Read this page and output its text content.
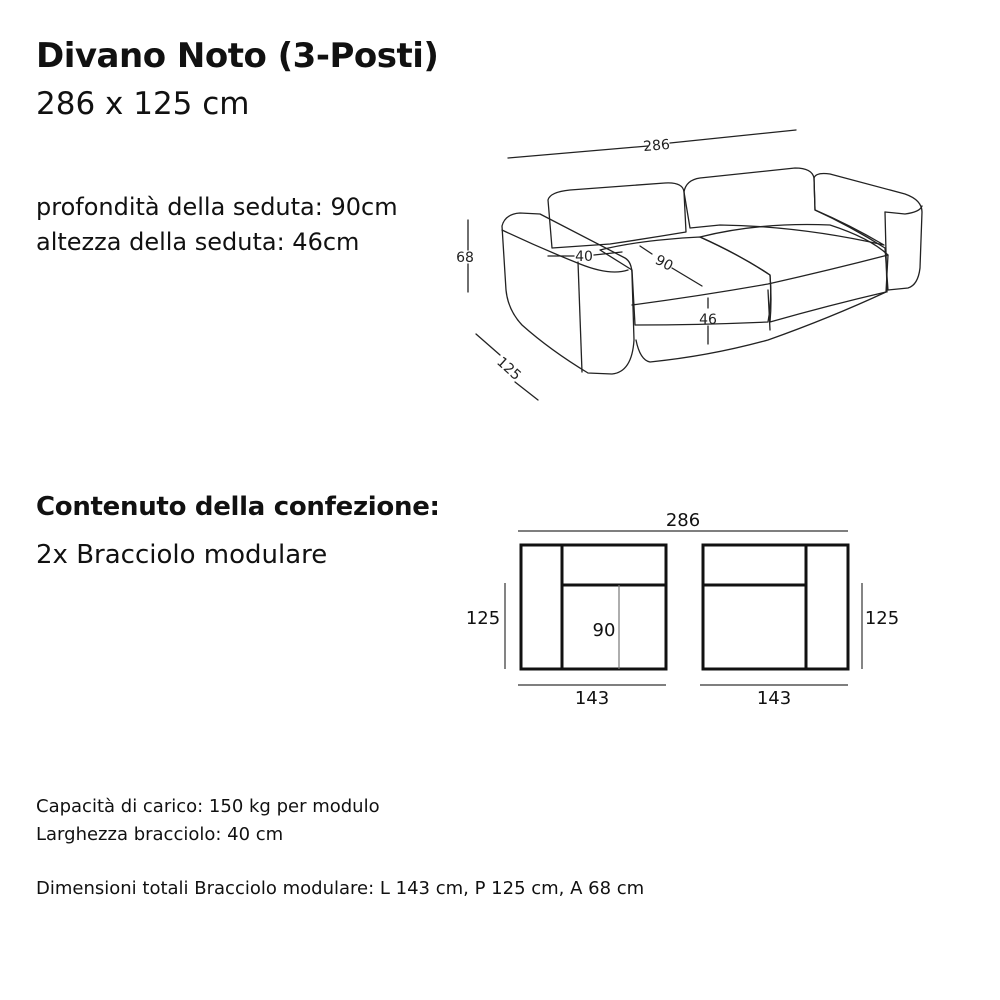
Divano Noto (3-Posti)
286 x 125 cm
profondità della seduta: 90cm
altezza della seduta: 46cm
Contenuto della confezione:
2x Bracciolo modulare
Capacità di carico: 150 kg per modulo
Larghezza bracciolo: 40 cm
Dimensioni totali Bracciolo modulare: L 143 cm, P 125 cm, A 68 cm
286
68
125
40	90
46
286
90
125	125
143	143
